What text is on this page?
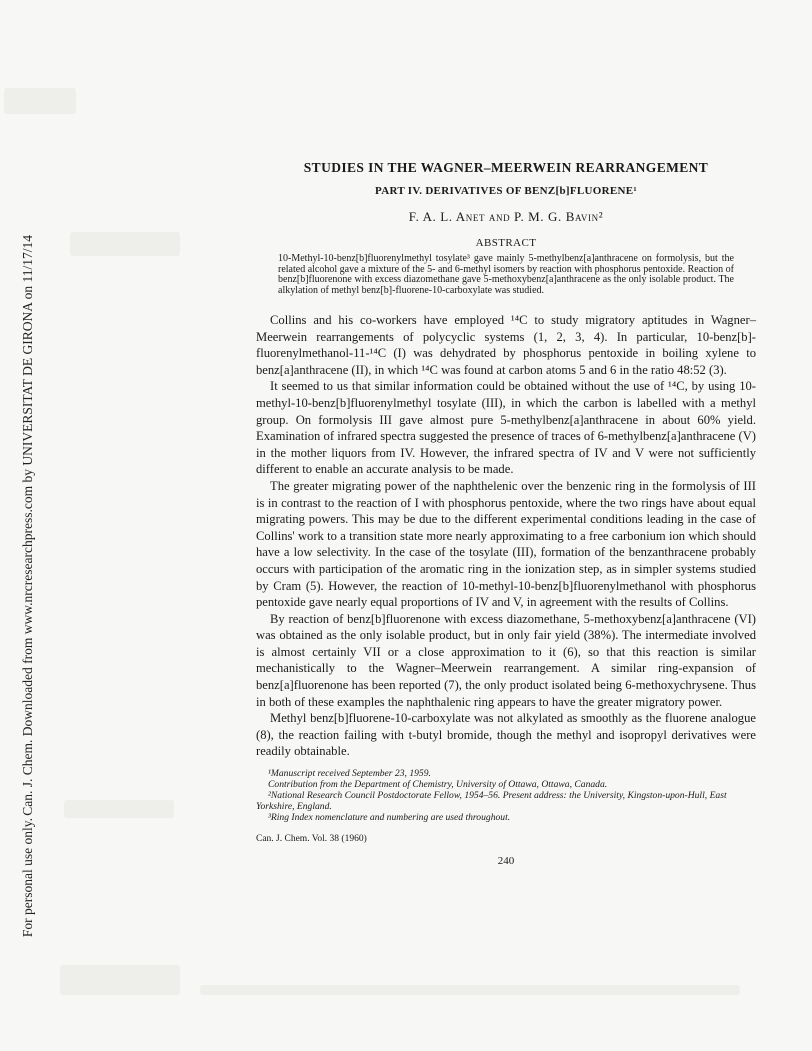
Can. J. Chem. Downloaded from www.nrcresearchpress.com by UNIVERSITAT DE GIRONA on 11/17/14
For personal use only.
STUDIES IN THE WAGNER–MEERWEIN REARRANGEMENT
PART IV. DERIVATIVES OF BENZ[b]FLUORENE¹
F. A. L. Anet and P. M. G. Bavin²
ABSTRACT

10-Methyl-10-benz[b]fluorenylmethyl tosylate³ gave mainly 5-methylbenz[a]anthracene on formolysis, but the related alcohol gave a mixture of the 5- and 6-methyl isomers by reaction with phosphorus pentoxide. Reaction of benz[b]fluorenone with excess diazomethane gave 5-methoxybenz[a]anthracene as the only isolable product. The alkylation of methyl benz[b]-fluorene-10-carboxylate was studied.

Collins and his co-workers have employed ¹⁴C to study migratory aptitudes in Wagner–Meerwein rearrangements of polycyclic systems (1, 2, 3, 4). In particular, 10-benz[b]-fluorenylmethanol-11-¹⁴C (I) was dehydrated by phosphorus pentoxide in boiling xylene to benz[a]anthracene (II), in which ¹⁴C was found at carbon atoms 5 and 6 in the ratio 48:52 (3).

It seemed to us that similar information could be obtained without the use of ¹⁴C, by using 10-methyl-10-benz[b]fluorenylmethyl tosylate (III), in which the carbon is labelled with a methyl group. On formolysis III gave almost pure 5-methylbenz[a]anthracene in about 60% yield. Examination of infrared spectra suggested the presence of traces of 6-methylbenz[a]anthracene (V) in the mother liquors from IV. However, the infrared spectra of IV and V were not sufficiently different to enable an accurate analysis to be made.

The greater migrating power of the naphthelenic over the benzenic ring in the formolysis of III is in contrast to the reaction of I with phosphorus pentoxide, where the two rings have about equal migrating powers. This may be due to the different experimental conditions leading in the case of Collins' work to a transition state more nearly approximating to a free carbonium ion which should have a low selectivity. In the case of the tosylate (III), formation of the benzanthracene probably occurs with participation of the aromatic ring in the ionization step, as in simpler systems studied by Cram (5). However, the reaction of 10-methyl-10-benz[b]fluorenylmethanol with phosphorus pentoxide gave nearly equal proportions of IV and V, in agreement with the results of Collins.

By reaction of benz[b]fluorenone with excess diazomethane, 5-methoxybenz[a]anthracene (VI) was obtained as the only isolable product, but in only fair yield (38%). The intermediate involved is almost certainly VII or a close approximation to it (6), so that this reaction is similar mechanistically to the Wagner–Meerwein rearrangement. A similar ring-expansion of benz[a]fluorenone has been reported (7), the only product isolated being 6-methoxychrysene. Thus in both of these examples the naphthalenic ring appears to have the greater migratory power.

Methyl benz[b]fluorene-10-carboxylate was not alkylated as smoothly as the fluorene analogue (8), the reaction failing with t-butyl bromide, though the methyl and isopropyl derivatives were readily obtainable.

¹Manuscript received September 23, 1959.

Contribution from the Department of Chemistry, University of Ottawa, Ottawa, Canada.

²National Research Council Postdoctorate Fellow, 1954–56. Present address: the University, Kingston-upon-Hull, East Yorkshire, England.

³Ring Index nomenclature and numbering are used throughout.

Can. J. Chem. Vol. 38 (1960)
240
